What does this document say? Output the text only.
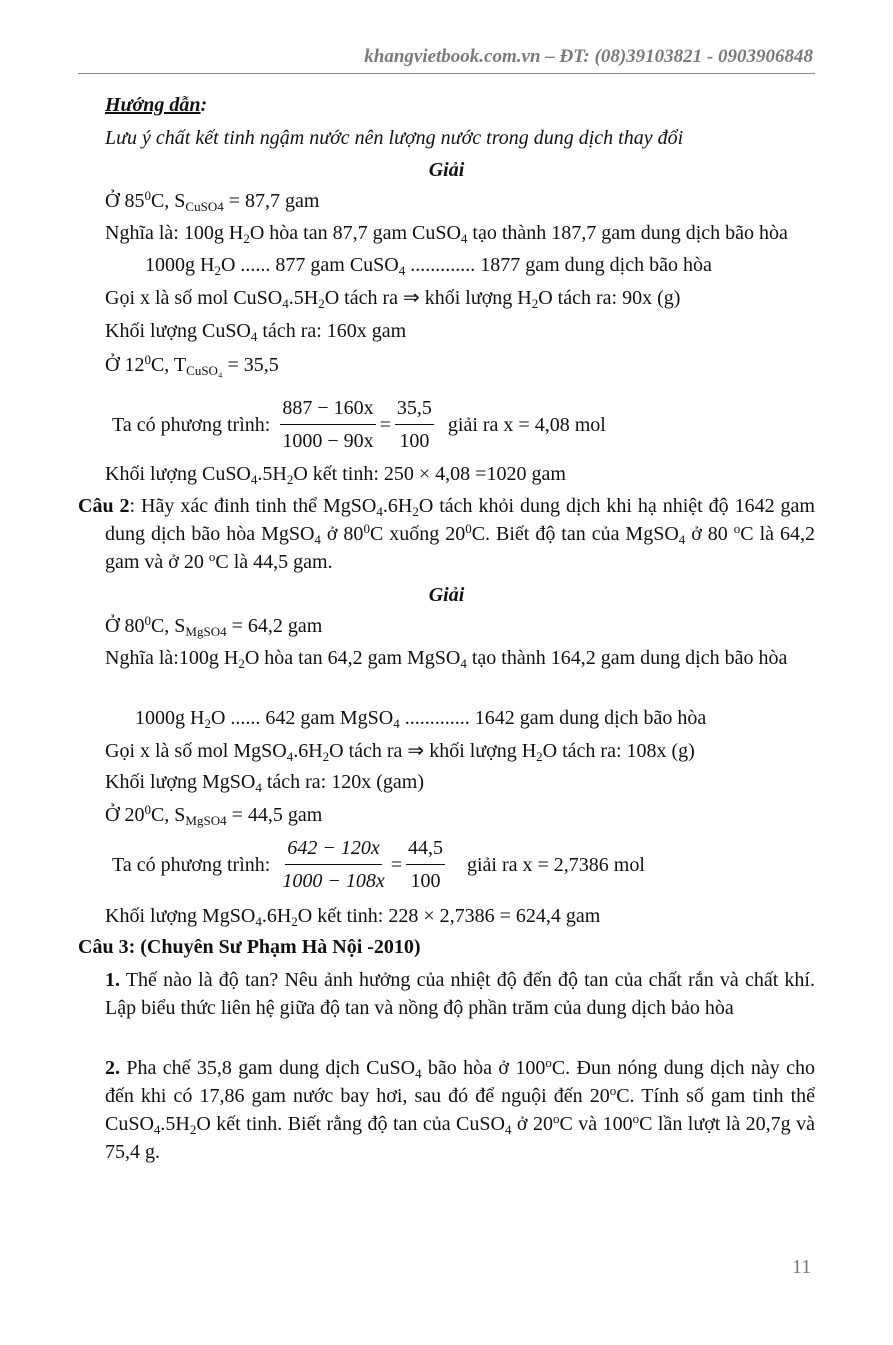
khangvietbook.com.vn – ĐT: (08)39103821 - 0903906848
Hướng dẫn:
Lưu ý chất kết tinh ngậm nước nên lượng nước trong dung dịch thay đổi
Giải
Ở $85^0C$, $S_{CuSO4} = 87,7$ gam
Nghĩa là: 100g $H_2O$ hòa tan 87,7 gam CuSO$_4$ tạo thành 187,7 gam dung dịch bão hòa
1000g $H_2O$ ...... 877 gam CuSO$_4$ ............. 1877 gam dung dịch bão hòa
Gọi x là số mol $CuSO_4.5H_2O$ tách ra ⇒ khối lượng $H_2O$ tách ra: 90x (g)
Khối lượng CuSO$_4$ tách ra: 160x gam
Ở $12^0C$, $T_{CuSO_4} = 35,5$
Ta có phương trình: $\frac{887 - 160x}{1000 - 90x} = \frac{35,5}{100}$ giải ra x = 4,08 mol
Khối lượng $CuSO_4.5H_2O$ kết tinh: 250 × 4,08 =1020 gam
Câu 2: Hãy xác đinh tinh thể $MgSO_4.6H_2O$ tách khỏi dung dịch khi hạ nhiệt độ 1642 gam dung dịch bão hòa MgSO$_4$ ở $80^0C$ xuống $20^0C$. Biết độ tan của MgSO$_4$ ở 80 $^o$C là 64,2 gam và ở 20 $^o$C là 44,5 gam.
Giải
Ở $80^0C$, $S_{MgSO4} = 64,2$ gam
Nghĩa là:100g $H_2O$ hòa tan 64,2 gam MgSO$_4$ tạo thành 164,2 gam dung dịch bão hòa
1000g $H_2O$ ...... 642 gam MgSO$_4$ ............. 1642 gam dung dịch bão hòa
Gọi x là số mol $MgSO_4.6H_2O$ tách ra ⇒ khối lượng $H_2O$ tách ra: 108x (g)
Khối lượng MgSO$_4$ tách ra: 120x (gam)
Ở $20^0C$, $S_{MgSO4} = 44,5$ gam
Ta có phương trình: $\frac{642 - 120x}{1000 - 108x} = \frac{44,5}{100}$ giải ra x = 2,7386 mol
Khối lượng $MgSO_4.6H_2O$ kết tinh: 228 × 2,7386 = 624,4 gam
Câu 3: (Chuyên Sư Phạm Hà Nội -2010)
1. Thế nào là độ tan? Nêu ảnh hưởng của nhiệt độ đến độ tan của chất rắn và chất khí. Lập biểu thức liên hệ giữa độ tan và nồng độ phần trăm của dung dịch bảo hòa
2. Pha chế 35,8 gam dung dịch CuSO$_4$ bão hòa ở 100$^o$C. Đun nóng dung dịch này cho đến khi có 17,86 gam nước bay hơi, sau đó để nguội đến 20$^o$C. Tính số gam tinh thể $CuSO_4.5H_2O$ kết tinh. Biết rằng độ tan của CuSO$_4$ ở 20$^o$C và 100$^o$C lần lượt là 20,7g và 75,4 g.
11
